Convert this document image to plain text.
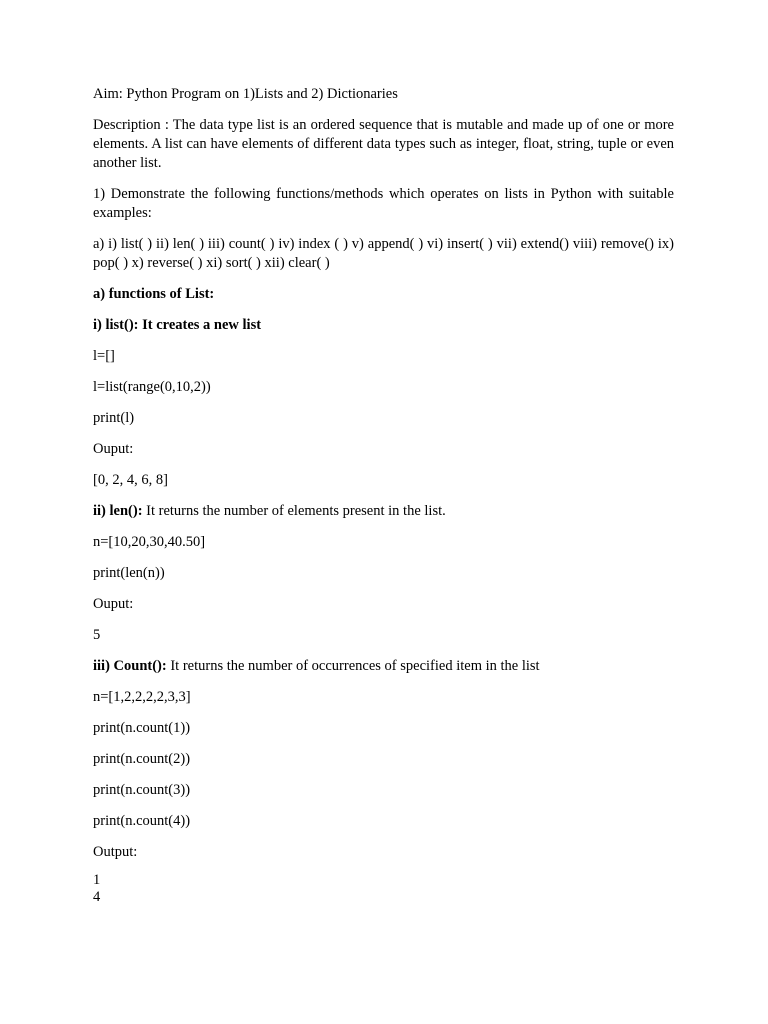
Aim: Python Program on 1)Lists and 2) Dictionaries

Description : The data type list is an ordered sequence that is mutable and made up of one or more elements. A list can have elements of different data types such as integer, float, string, tuple or even another list.

1) Demonstrate the following functions/methods which operates on lists in Python with suitable examples:

a) i) list( ) ii) len( ) iii) count( ) iv) index ( ) v) append( ) vi) insert( ) vii) extend() viii) remove() ix) pop( ) x) reverse( ) xi) sort( ) xii) clear( )

a) functions of List:

i) list(): It creates a new list

l=[]

l=list(range(0,10,2))

print(l)

Ouput:

[0, 2, 4, 6, 8]

ii) len(): It returns the number of elements present in the list.

n=[10,20,30,40.50]

print(len(n))

Ouput:

5

iii) Count(): It returns the number of occurrences of specified item in the list

n=[1,2,2,2,2,3,3]

print(n.count(1))

print(n.count(2))

print(n.count(3))

print(n.count(4))

Output:

1

4
